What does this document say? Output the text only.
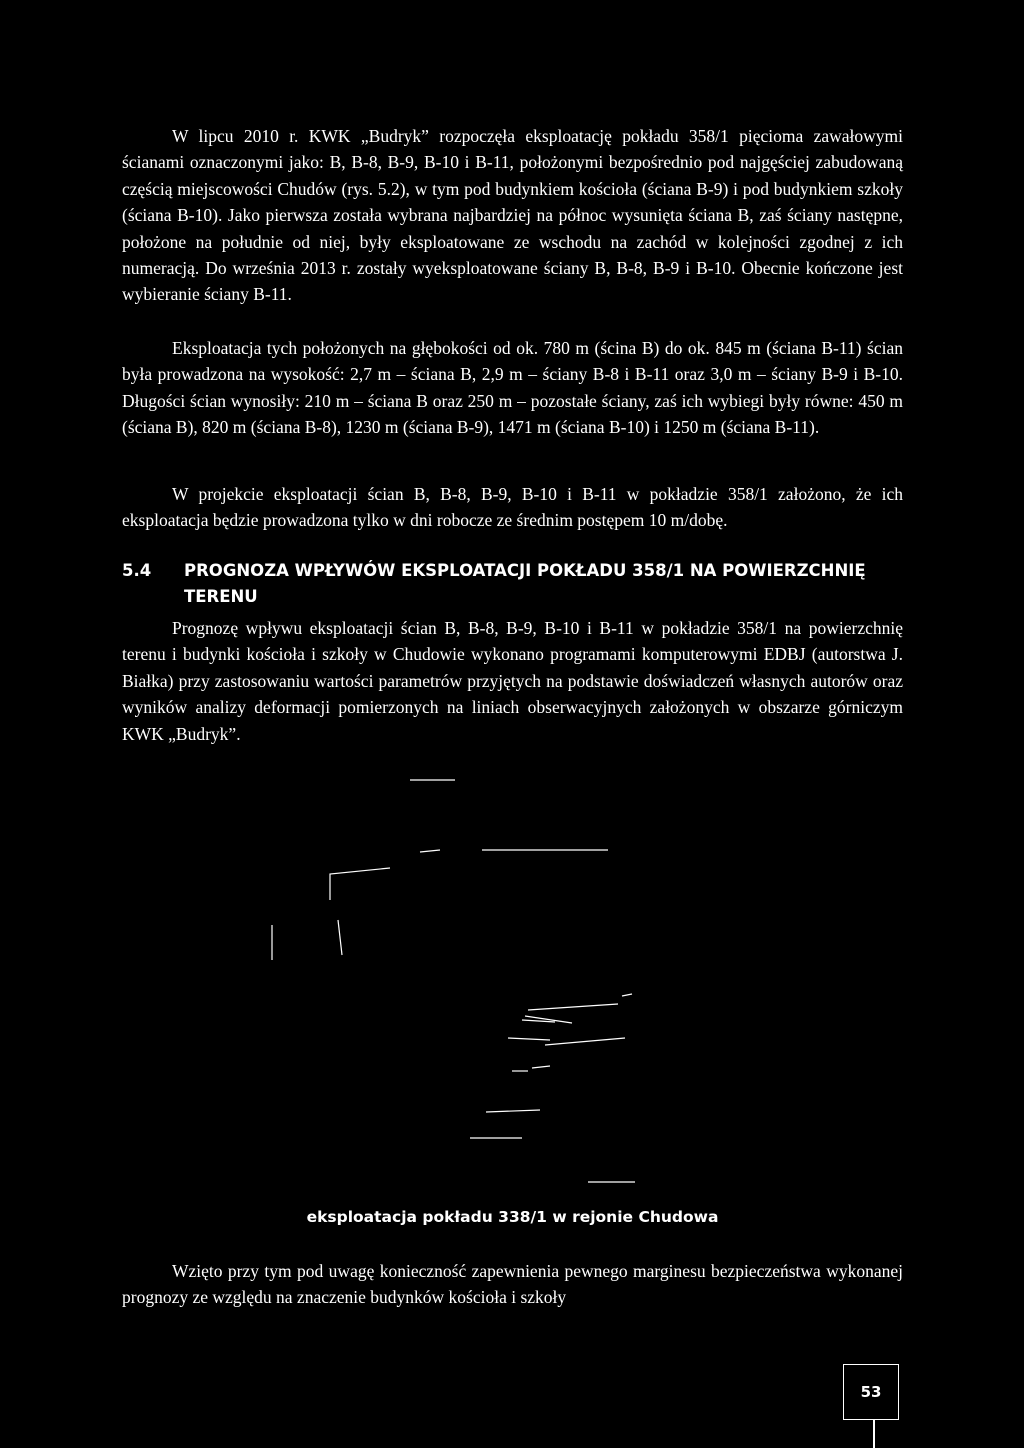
W lipcu 2010 r. KWK „Budryk” rozpoczęła eksploatację pokładu 358/1 pięcioma zawałowymi ścianami oznaczonymi jako: B, B-8, B-9, B-10 i B-11, położonymi bezpośrednio pod najgęściej zabudowaną częścią miejscowości Chudów (rys. 5.2), w tym pod budynkiem kościoła (ściana B-9) i pod budynkiem szkoły (ściana B-10). Jako pierwsza została wybrana najbardziej na północ wysunięta ściana B, zaś ściany następne, położone na południe od niej, były eksploatowane ze wschodu na zachód w kolejności zgodnej z ich numeracją. Do września 2013 r. zostały wyeksploatowane ściany B, B-8, B-9 i B-10. Obecnie kończone jest wybieranie ściany B-11.

Eksploatacja tych położonych na głębokości od ok. 780 m (ścina B) do ok. 845 m (ściana B-11) ścian była prowadzona na wysokość: 2,7 m – ściana B, 2,9 m – ściany B-8 i B-11 oraz 3,0 m – ściany B-9 i B-10. Długości ścian wynosiły: 210 m – ściana B oraz 250 m – pozostałe ściany, zaś ich wybiegi były równe: 450 m (ściana B), 820 m (ściana B-8), 1230 m (ściana B-9), 1471 m (ściana B-10) i 1250 m (ściana B-11).

W projekcie eksploatacji ścian B, B-8, B-9, B-10 i B-11 w pokładzie 358/1 założono, że ich eksploatacja będzie prowadzona tylko w dni robocze ze średnim postępem 10 m/dobę.

5.4 PROGNOZA WPŁYWÓW EKSPLOATACJI POKŁADU 358/1 NA POWIERZCHNIĘ
TERENU

Prognozę wpływu eksploatacji ścian B, B-8, B-9, B-10 i B-11 w pokładzie 358/1 na powierzchnię terenu i budynki kościoła i szkoły w Chudowie wykonano programami komputerowymi EDBJ (autorstwa J. Białka) przy zastosowaniu wartości parametrów przyjętych na podstawie doświadczeń własnych autorów oraz wyników analizy deformacji pomierzonych na liniach obserwacyjnych założonych w obszarze górniczym KWK „Budryk”.

eksploatacja pokładu 338/1 w rejonie Chudowa

Wzięto przy tym pod uwagę konieczność zapewnienia pewnego marginesu bezpieczeństwa wykonanej prognozy ze względu na znaczenie budynków kościoła i szkoły

53
